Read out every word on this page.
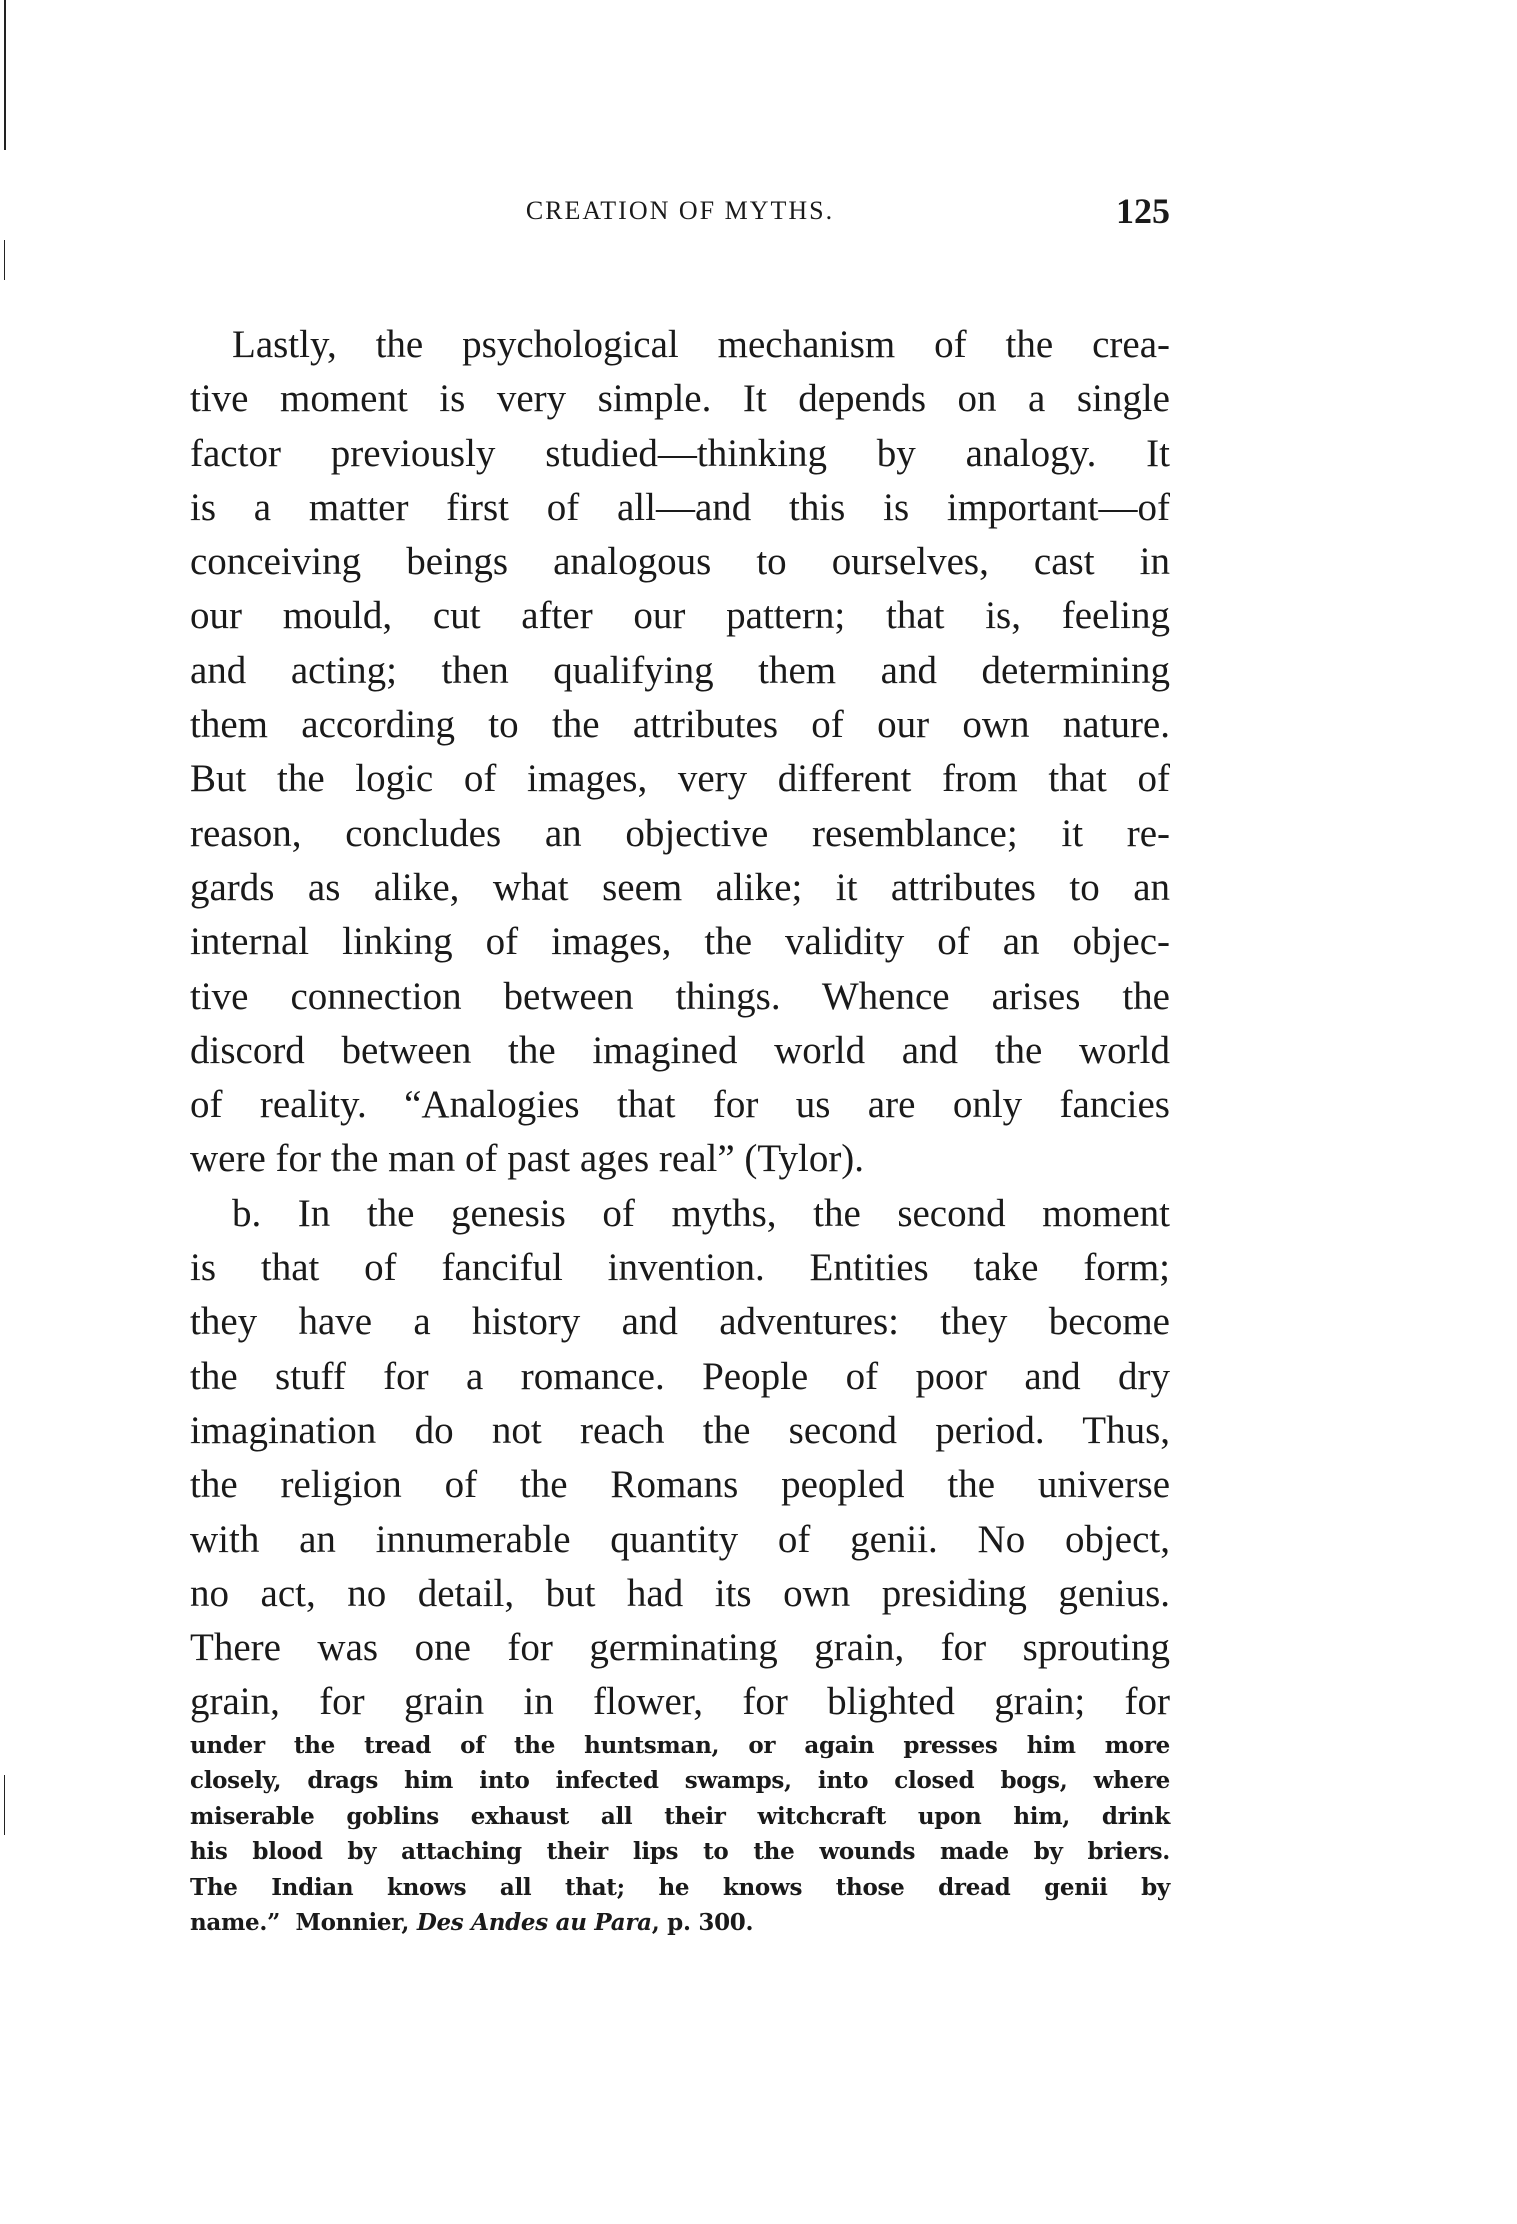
CREATION OF MYTHS.	125
Lastly, the psychological mechanism of the crea-
tive moment is very simple. It depends on a single
factor previously studied—thinking by analogy. It
is a matter first of all—and this is important—of
conceiving beings analogous to ourselves, cast in
our mould, cut after our pattern; that is, feeling
and acting; then qualifying them and determining
them according to the attributes of our own nature.
But the logic of images, very different from that of
reason, concludes an objective resemblance; it re-
gards as alike, what seem alike; it attributes to an
internal linking of images, the validity of an objec-
tive connection between things. Whence arises the
discord between the imagined world and the world
of reality. “Analogies that for us are only fancies
were for the man of past ages real” (Tylor).
b. In the genesis of myths, the second moment
is that of fanciful invention. Entities take form;
they have a history and adventures: they become
the stuff for a romance. People of poor and dry
imagination do not reach the second period. Thus,
the religion of the Romans peopled the universe
with an innumerable quantity of genii. No object,
no act, no detail, but had its own presiding genius.
There was one for germinating grain, for sprouting
grain, for grain in flower, for blighted grain; for
under the tread of the huntsman, or again presses him more
closely, drags him into infected swamps, into closed bogs, where
miserable goblins exhaust all their witchcraft upon him, drink
his blood by attaching their lips to the wounds made by briers.
The Indian knows all that; he knows those dread genii by
name.”  Monnier, Des Andes au Para, p. 300.
